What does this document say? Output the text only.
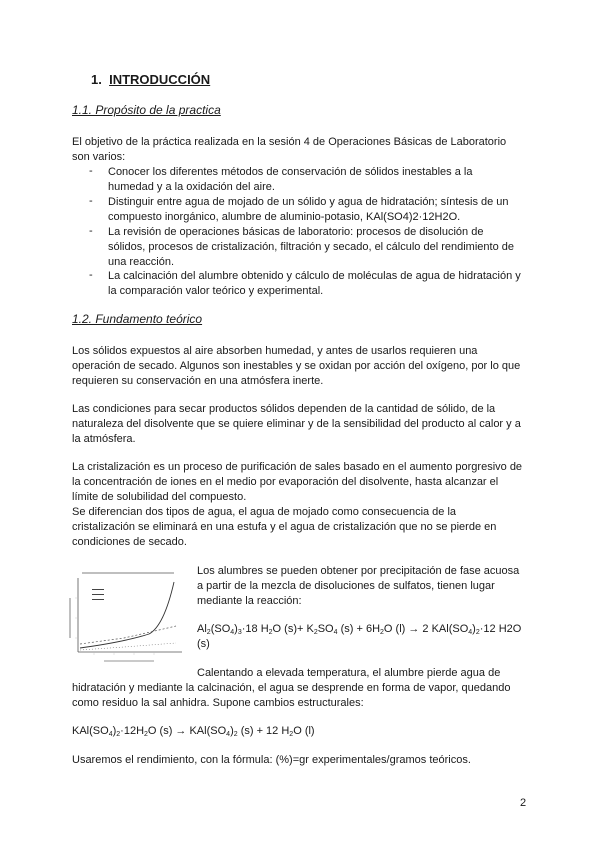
1. INTRODUCCIÓN
1.1. Propósito de la practica
El objetivo de la práctica realizada en la sesión 4 de Operaciones Básicas de Laboratorio
son varios:
- Conocer los diferentes métodos de conservación de sólidos inestables a la
humedad y a la oxidación del aire.
- Distinguir entre agua de mojado de un sólido y agua de hidratación; síntesis de un
compuesto inorgánico, alumbre de aluminio-potasio, KAl(SO4)2·12H2O.
- La revisión de operaciones básicas de laboratorio: procesos de disolución de
sólidos, procesos de cristalización, filtración y secado, el cálculo del rendimiento de
una reacción.
- La calcinación del alumbre obtenido y cálculo de moléculas de agua de hidratación y
la comparación valor teórico y experimental.
1.2. Fundamento teórico
Los sólidos expuestos al aire absorben humedad, y antes de usarlos requieren una
operación de secado. Algunos son inestables y se oxidan por acción del oxígeno, por lo que
requieren su conservación en una atmósfera inerte.
Las condiciones para secar productos sólidos dependen de la cantidad de sólido, de la
naturaleza del disolvente que se quiere eliminar y de la sensibilidad del producto al calor y a
la atmósfera.
La cristalización es un proceso de purificación de sales basado en el aumento porgresivo de
la concentración de iones en el medio por evaporación del disolvente, hasta alcanzar el
límite de solubilidad del compuesto.
Se diferencian dos tipos de agua, el agua de mojado como consecuencia de la
cristalización se eliminará en una estufa y el agua de cristalización que no se pierde en
condiciones de secado.
Los alumbres se pueden obtener por precipitación de fase acuosa
a partir de la mezcla de disoluciones de sulfatos, tienen lugar
mediante la reacción:
$Al_2(SO_4)_3\cdot 18$ $H_2O$ $(s)+ K_2SO_4$ $(s) + 6H_2O$ (l) → 2 $KAl(SO_4)_2\cdot 12$ H2O
(s)
Calentando a elevada temperatura, el alumbre pierde agua de
hidratación y mediante la calcinación, el agua se desprende en forma de vapor, quedando
como residuo la sal anhidra. Supone cambios estructurales:
$KAl(SO_4)_2\cdot 12H_2O$ $(s) \to KAl(SO_4)_2$ (s) + 12 $H_2O$ (l)
Usaremos el rendimiento, con la fórmula: (%)=gr experimentales/gramos teóricos.
2
